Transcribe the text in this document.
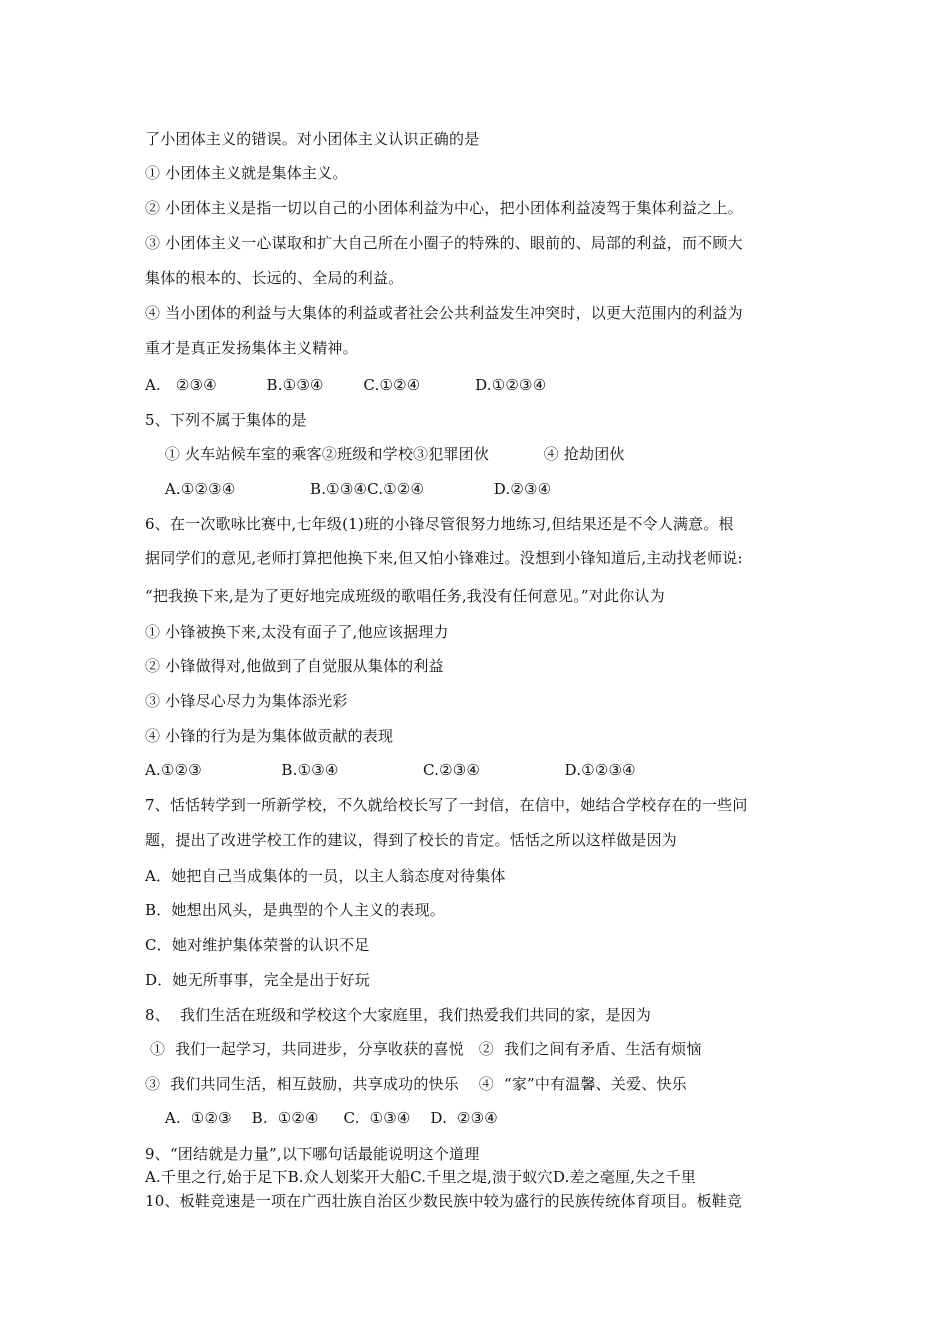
了小团体主义的错误。对小团体主义认识正确的是

① 小团体主义就是集体主义。

② 小团体主义是指一切以自己的小团体利益为中心，把小团体利益凌驾于集体利益之上。

③ 小团体主义一心谋取和扩大自己所在小圈子的特殊的、眼前的、局部的利益，而不顾大

集体的根本的、长远的、全局的利益。

④ 当小团体的利益与大集体的利益或者社会公共利益发生冲突时，以更大范围内的利益为

重才是真正发扬集体主义精神。

A.   ②③④          B.①③④        C.①②④           D.①②③④

5、下列不属于集体的是

① 火车站候车室的乘客②班级和学校③犯罪团伙           ④ 抢劫团伙

A.①②③④               B.①③④C.①②④              D.②③④

6、在一次歌咏比赛中,七年级(1)班的小锋尽管很努力地练习,但结果还是不令人满意。根

据同学们的意见,老师打算把他换下来,但又怕小锋难过。没想到小锋知道后,主动找老师说:

“把我换下来,是为了更好地完成班级的歌唱任务,我没有任何意见。”对此你认为

① 小锋被换下来,太没有面子了,他应该据理力

② 小锋做得对,他做到了自觉服从集体的利益

③ 小锋尽心尽力为集体添光彩

④ 小锋的行为是为集体做贡献的表现

A.①②③                B.①③④                 C.②③④                 D.①②③④

7、恬恬转学到一所新学校，不久就给校长写了一封信，在信中，她结合学校存在的一些问

题，提出了改进学校工作的建议，得到了校长的肯定。恬恬之所以这样做是因为

A．她把自己当成集体的一员，以主人翁态度对待集体

B．她想出风头，是典型的个人主义的表现。

C．她对维护集体荣誉的认识不足

D．她无所事事，完全是出于好玩

8、  我们生活在班级和学校这个大家庭里，我们热爱我们共同的家，是因为

①  我们一起学习，共同进步，分享收获的喜悦   ②  我们之间有矛盾、生活有烦恼

③  我们共同生活，相互鼓励，共享成功的快乐    ④  “家”中有温馨、关爱、快乐

A.  ①②③    B.  ①②④     C.  ①③④    D.  ②③④

9、“团结就是力量”,以下哪句话最能说明这个道理

A.千里之行,始于足下B.众人划桨开大船C.千里之堤,溃于蚁穴D.差之毫厘,失之千里

10、板鞋竞速是一项在广西壮族自治区少数民族中较为盛行的民族传统体育项目。板鞋竞
